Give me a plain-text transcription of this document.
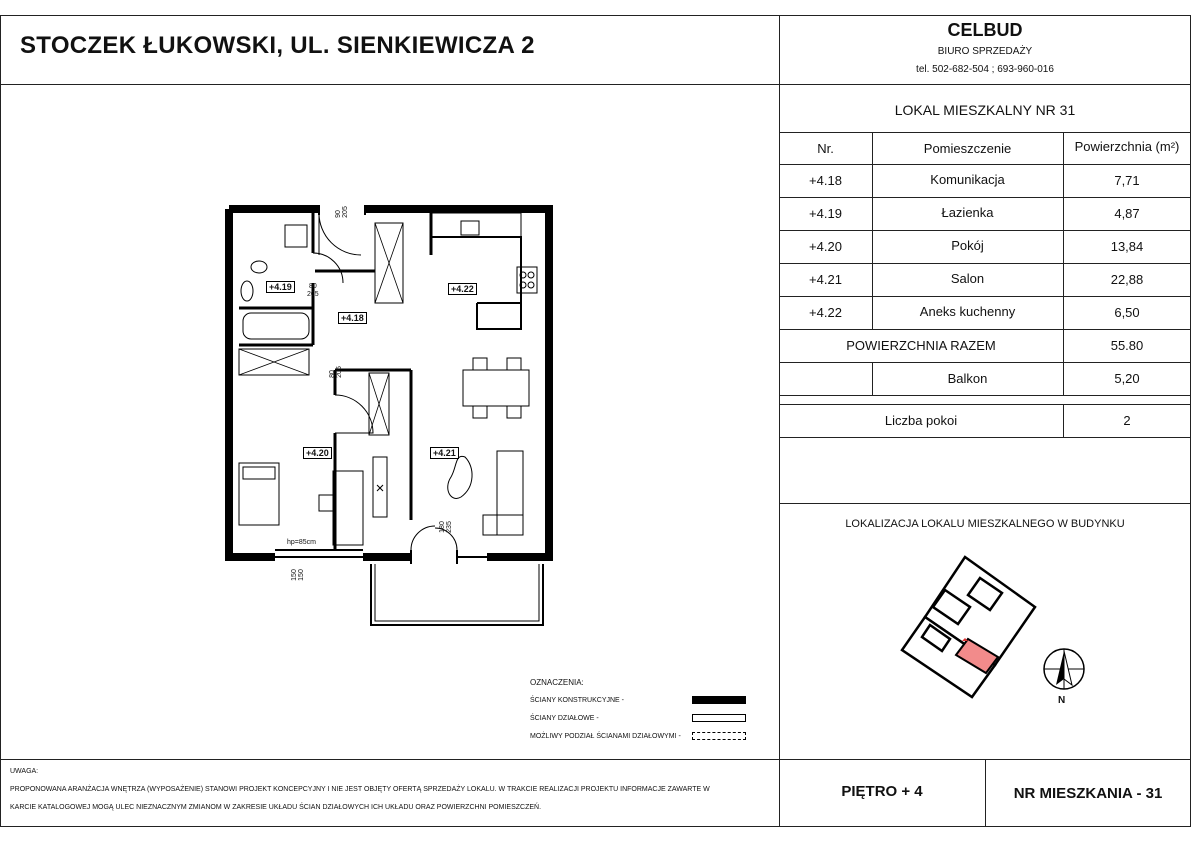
STOCZEK ŁUKOWSKI, UL. SIENKIEWICZA 2
CELBUD
BIURO SPRZEDAŻY
tel. 502-682-504 ; 693-960-016
LOKAL MIESZKALNY NR 31
Nr.	Pomieszczenie	Powierzchnia (m²)
+4.18	Komunikacja	7,71
+4.19	Łazienka	4,87
+4.20	Pokój	13,84
+4.21	Salon	22,88
+4.22	Aneks kuchenny	6,50
POWIERZCHNIA RAZEM	55.80
Balkon	5,20
Liczba pokoi	2
LOKALIZACJA LOKALU MIESZKALNEGO W BUDYNKU
N
+4.19
+4.18
+4.20	+4.21
+4.22
90
205
80
205
80
205
180
235
150
150
hp=85cm
OZNACZENIA:
ŚCIANY KONSTRUKCYJNE -
ŚCIANY DZIAŁOWE -
MOŻLIWY PODZIAŁ ŚCIANAMI DZIAŁOWYMI -
UWAGA:
PROPONOWANA ARANŻACJA WNĘTRZA (WYPOSAŻENIE) STANOWI PROJEKT KONCEPCYJNY I NIE JEST OBJĘTY OFERTĄ SPRZEDAŻY LOKALU. W TRAKCIE REALIZACJI PROJEKTU INFORMACJE ZAWARTE W
KARCIE KATALOGOWEJ MOGĄ ULEC NIEZNACZNYM ZMIANOM W ZAKRESIE UKŁADU ŚCIAN DZIAŁOWYCH ICH UKŁADU ORAZ POWIERZCHNI POMIESZCZEŃ.
PIĘTRO + 4	NR MIESZKANIA - 31
